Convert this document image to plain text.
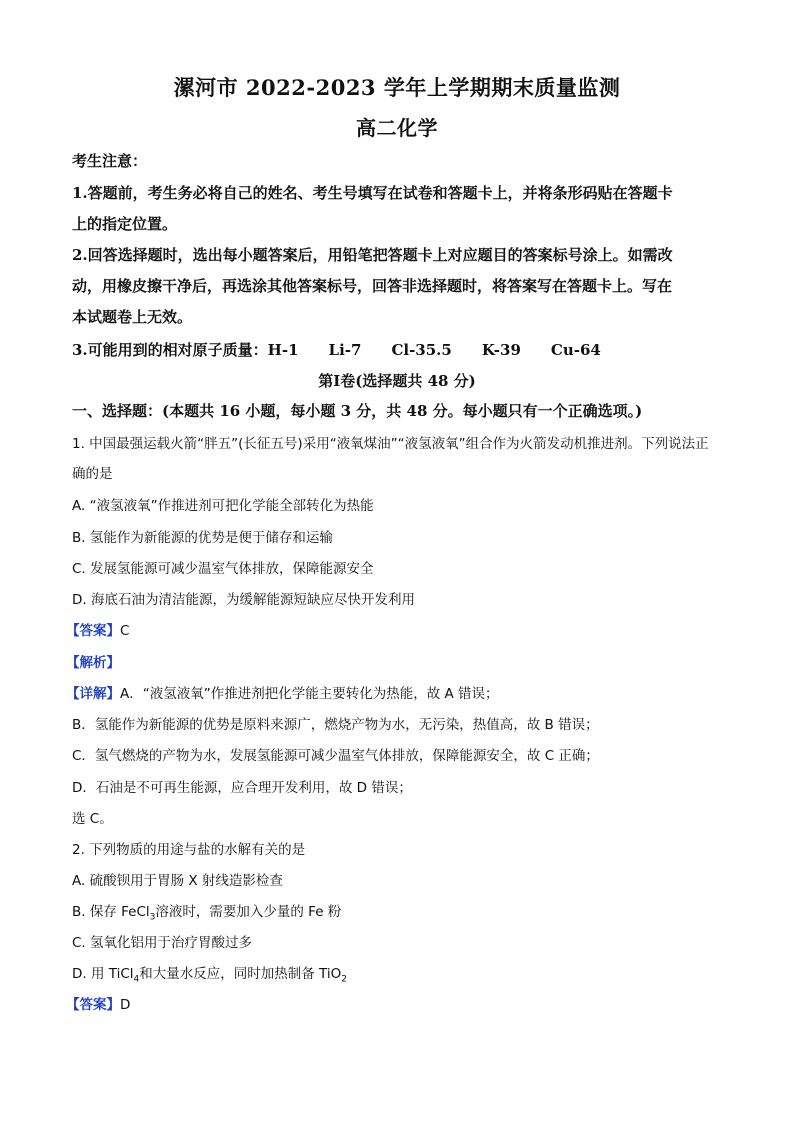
漯河市 2022-2023 学年上学期期末质量监测
高二化学
考生注意：
1.答题前，考生务必将自己的姓名、考生号填写在试卷和答题卡上，并将条形码贴在答题卡
上的指定位置。
2.回答选择题时，选出每小题答案后，用铅笔把答题卡上对应题目的答案标号涂上。如需改
动，用橡皮擦干净后，再选涂其他答案标号，回答非选择题时，将答案写在答题卡上。写在
本试题卷上无效。
3.可能用到的相对原子质量：H-1 Li-7 Cl-35.5 K-39 Cu-64
第Ⅰ卷(选择题共 48 分)
一、选择题：(本题共 16 小题，每小题 3 分，共 48 分。每小题只有一个正确选项。)
1. 中国最强运载火箭“胖五”(长征五号)采用“液氧煤油”“液氢液氧”组合作为火箭发动机推进剂。下列说法正
确的是
A. “液氢液氧”作推进剂可把化学能全部转化为热能
B. 氢能作为新能源的优势是便于储存和运输
C. 发展氢能源可减少温室气体排放，保障能源安全
D. 海底石油为清洁能源，为缓解能源短缺应尽快开发利用
【答案】C
【解析】
【详解】A．“液氢液氧”作推进剂把化学能主要转化为热能，故 A 错误；
B．氢能作为新能源的优势是原料来源广，燃烧产物为水，无污染，热值高，故 B 错误；
C．氢气燃烧的产物为水，发展氢能源可减少温室气体排放，保障能源安全，故 C 正确；
D．石油是不可再生能源，应合理开发利用，故 D 错误；
选 C。
2. 下列物质的用途与盐的水解有关的是
A. 硫酸钡用于胃肠 X 射线造影检查
B. 保存 FeCl$_3$溶液时，需要加入少量的 Fe 粉
C. 氢氧化铝用于治疗胃酸过多
D. 用 TiCl$_4$和大量水反应，同时加热制备 TiO$_2$
【答案】D
